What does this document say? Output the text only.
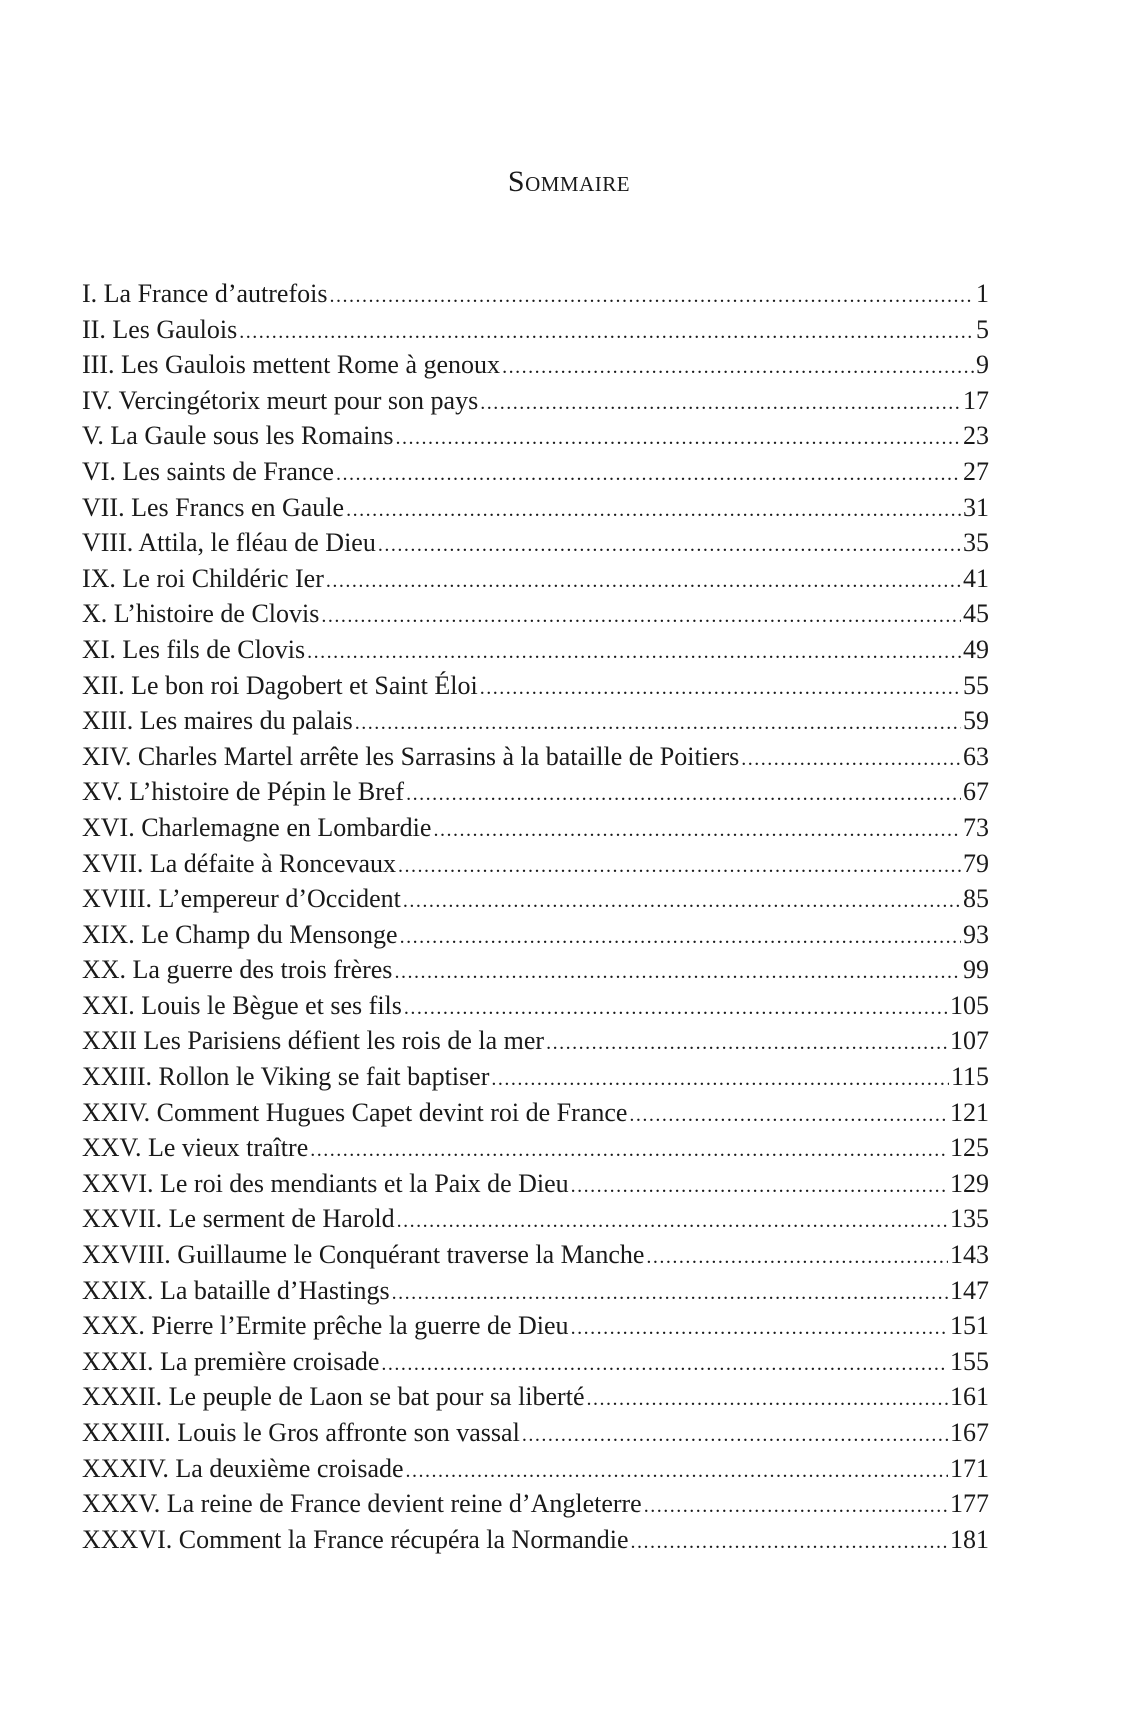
Sommaire
I. La France d’autrefois .....	1
II. Les Gaulois .....	5
III. Les Gaulois mettent Rome à genoux .....	9
IV. Vercingétorix meurt pour son pays .....	17
V. La Gaule sous les Romains .....	23
VI. Les saints de France .....	27
VII. Les Francs en Gaule .....	31
VIII. Attila, le fléau de Dieu .....	35
IX. Le roi Childéric Ier .....	41
X. L’histoire de Clovis .....	45
XI. Les fils de Clovis .....	49
XII. Le bon roi Dagobert et Saint Éloi .....	55
XIII. Les maires du palais .....	59
XIV. Charles Martel arrête les Sarrasins à la bataille de Poitiers .....	63
XV. L’histoire de Pépin le Bref .....	67
XVI. Charlemagne en Lombardie .....	73
XVII. La défaite à Roncevaux .....	79
XVIII. L’empereur d’Occident .....	85
XIX. Le Champ du Mensonge .....	93
XX. La guerre des trois frères .....	99
XXI. Louis le Bègue et ses fils .....	105
XXII Les Parisiens défient les rois de la mer .....	107
XXIII. Rollon le Viking se fait baptiser .....	115
XXIV. Comment Hugues Capet devint roi de France .....	121
XXV. Le vieux traître .....	125
XXVI. Le roi des mendiants et la Paix de Dieu .....	129
XXVII. Le serment de Harold .....	135
XXVIII. Guillaume le Conquérant traverse la Manche .....	143
XXIX. La bataille d’Hastings .....	147
XXX. Pierre l’Ermite prêche la guerre de Dieu .....	151
XXXI. La première croisade .....	155
XXXII. Le peuple de Laon se bat pour sa liberté .....	161
XXXIII. Louis le Gros affronte son vassal .....	167
XXXIV. La deuxième croisade .....	171
XXXV. La reine de France devient reine d’Angleterre .....	177
XXXVI. Comment la France récupéra la Normandie .....	181
